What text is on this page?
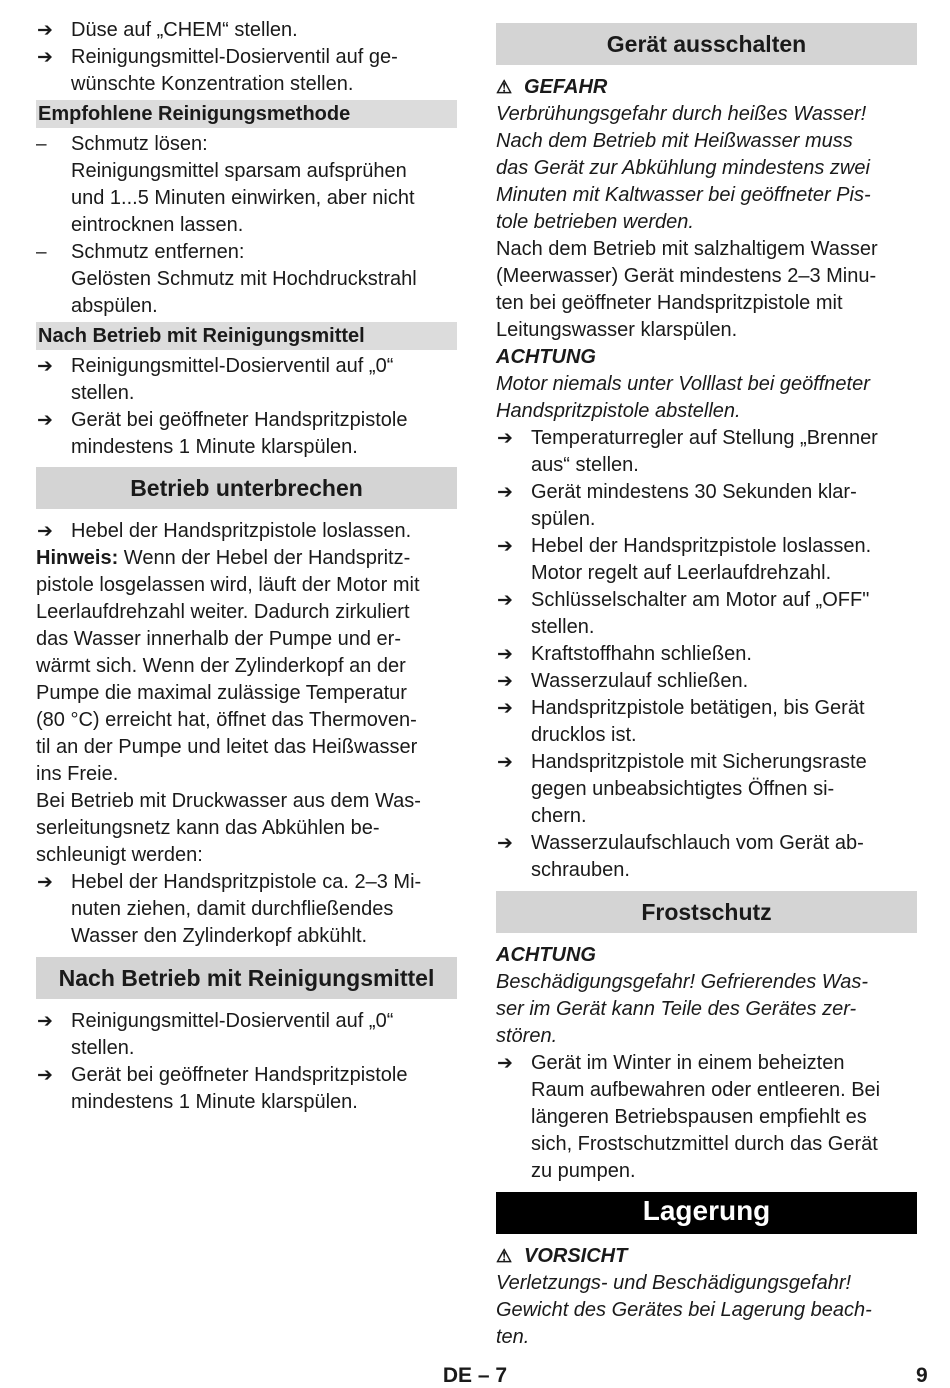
➔ Düse auf „CHEM“ stellen.
➔ Reinigungsmittel-Dosierventil auf ge-
wünschte Konzentration stellen.
Empfohlene Reinigungsmethode
–	Schmutz lösen:
Reinigungsmittel sparsam aufsprühen
und 1...5 Minuten einwirken, aber nicht
eintrocknen lassen.
–	Schmutz entfernen:
Gelösten Schmutz mit Hochdruckstrahl
abspülen.
Nach Betrieb mit Reinigungsmittel
➔ Reinigungsmittel-Dosierventil auf „0“
stellen.
➔ Gerät bei geöffneter Handspritzpistole
mindestens 1 Minute klarspülen.
Betrieb unterbrechen
➔ Hebel der Handspritzpistole loslassen.
Hinweis: Wenn der Hebel der Handspritz-
pistole losgelassen wird, läuft der Motor mit
Leerlaufdrehzahl weiter. Dadurch zirkuliert
das Wasser innerhalb der Pumpe und er-
wärmt sich. Wenn der Zylinderkopf an der
Pumpe die maximal zulässige Temperatur
(80 °C) erreicht hat, öffnet das Thermoven-
til an der Pumpe und leitet das Heißwasser
ins Freie.
Bei Betrieb mit Druckwasser aus dem Was-
serleitungsnetz kann das Abkühlen be-
schleunigt werden:
➔ Hebel der Handspritzpistole ca. 2–3 Mi-
nuten ziehen, damit durchfließendes
Wasser den Zylinderkopf abkühlt.
Nach Betrieb mit Reinigungsmittel
➔ Reinigungsmittel-Dosierventil auf „0“
stellen.
➔ Gerät bei geöffneter Handspritzpistole
mindestens 1 Minute klarspülen.
Gerät ausschalten
⚠ GEFAHR
Verbrühungsgefahr durch heißes Wasser!
Nach dem Betrieb mit Heißwasser muss
das Gerät zur Abkühlung mindestens zwei
Minuten mit Kaltwasser bei geöffneter Pis-
tole betrieben werden.
Nach dem Betrieb mit salzhaltigem Wasser
(Meerwasser) Gerät mindestens 2–3 Minu-
ten bei geöffneter Handspritzpistole mit
Leitungswasser klarspülen.
ACHTUNG
Motor niemals unter Volllast bei geöffneter
Handspritzpistole abstellen.
➔ Temperaturregler auf Stellung „Brenner
aus“ stellen.
➔ Gerät mindestens 30 Sekunden klar-
spülen.
➔ Hebel der Handspritzpistole loslassen.
Motor regelt auf Leerlaufdrehzahl.
➔ Schlüsselschalter am Motor auf „OFF"
stellen.
➔ Kraftstoffhahn schließen.
➔ Wasserzulauf schließen.
➔ Handspritzpistole betätigen, bis Gerät
drucklos ist.
➔ Handspritzpistole mit Sicherungsraste
gegen unbeabsichtigtes Öffnen si-
chern.
➔ Wasserzulaufschlauch vom Gerät ab-
schrauben.
Frostschutz
ACHTUNG
Beschädigungsgefahr! Gefrierendes Was-
ser im Gerät kann Teile des Gerätes zer-
stören.
➔ Gerät im Winter in einem beheizten
Raum aufbewahren oder entleeren. Bei
längeren Betriebspausen empfiehlt es
sich, Frostschutzmittel durch das Gerät
zu pumpen.
Lagerung
⚠ VORSICHT
Verletzungs- und Beschädigungsgefahr!
Gewicht des Gerätes bei Lagerung beach-
ten.
DE – 7	9
